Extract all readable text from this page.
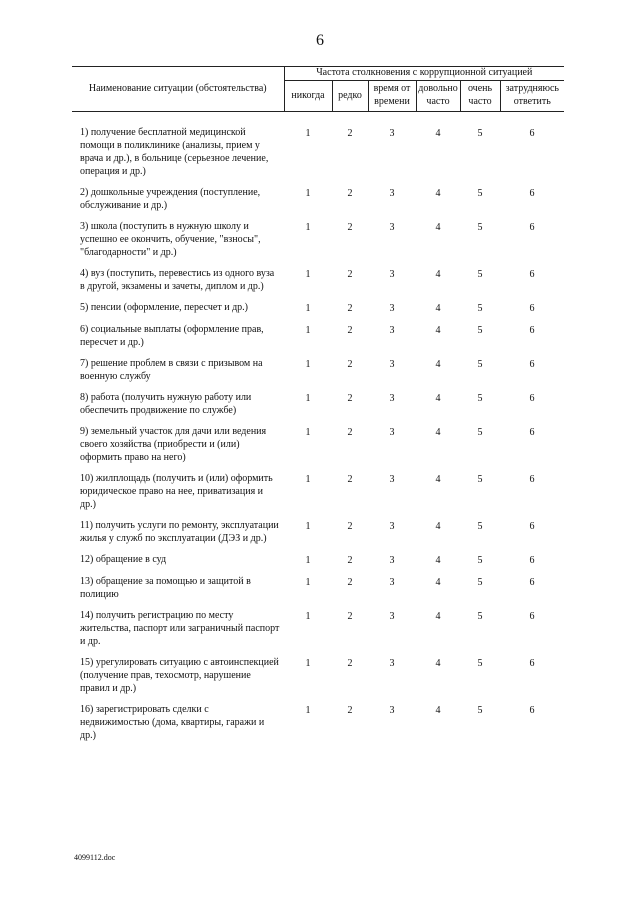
6
Наименование ситуации (обстоятельства)	Частота столкновения с коррупционной ситуацией					
	никогда	редко	время от времени	довольно часто	очень часто	затрудняюсь ответить

1) получение бесплатной медицинской помощи в поликлинике (анализы, прием у врача и др.), в больнице (серьезное лечение, операция и др.)	1	2	3	4	5	6
2) дошкольные учреждения (поступление, обслуживание и др.)	1	2	3	4	5	6
3) школа (поступить в нужную школу и успешно ее окончить, обучение, "взносы", "благодарности" и др.)	1	2	3	4	5	6
4) вуз (поступить, перевестись из одного вуза в другой, экзамены и зачеты, диплом и др.)	1	2	3	4	5	6
5) пенсии (оформление, пересчет и др.)	1	2	3	4	5	6
6) социальные выплаты (оформление прав, пересчет и др.)	1	2	3	4	5	6
7) решение проблем в связи с призывом на военную службу	1	2	3	4	5	6
8) работа (получить нужную работу или обеспечить продвижение по службе)	1	2	3	4	5	6
9) земельный участок для дачи или ведения своего хозяйства (приобрести и (или) оформить право на него)	1	2	3	4	5	6
10) жилплощадь (получить и (или) оформить юридическое право на нее, приватизация и др.)	1	2	3	4	5	6
11) получить услуги по ремонту, эксплуатации жилья у служб по эксплуатации (ДЭЗ и др.)	1	2	3	4	5	6
12) обращение в суд	1	2	3	4	5	6
13) обращение за помощью и защитой в полицию	1	2	3	4	5	6
14) получить регистрацию по месту жительства, паспорт или заграничный паспорт и др.	1	2	3	4	5	6
15) урегулировать ситуацию с автоинспекцией (получение прав, техосмотр, нарушение правил и др.)	1	2	3	4	5	6
16) зарегистрировать сделки с недвижимостью (дома, квартиры, гаражи и др.)	1	2	3	4	5	6
4099112.doc
